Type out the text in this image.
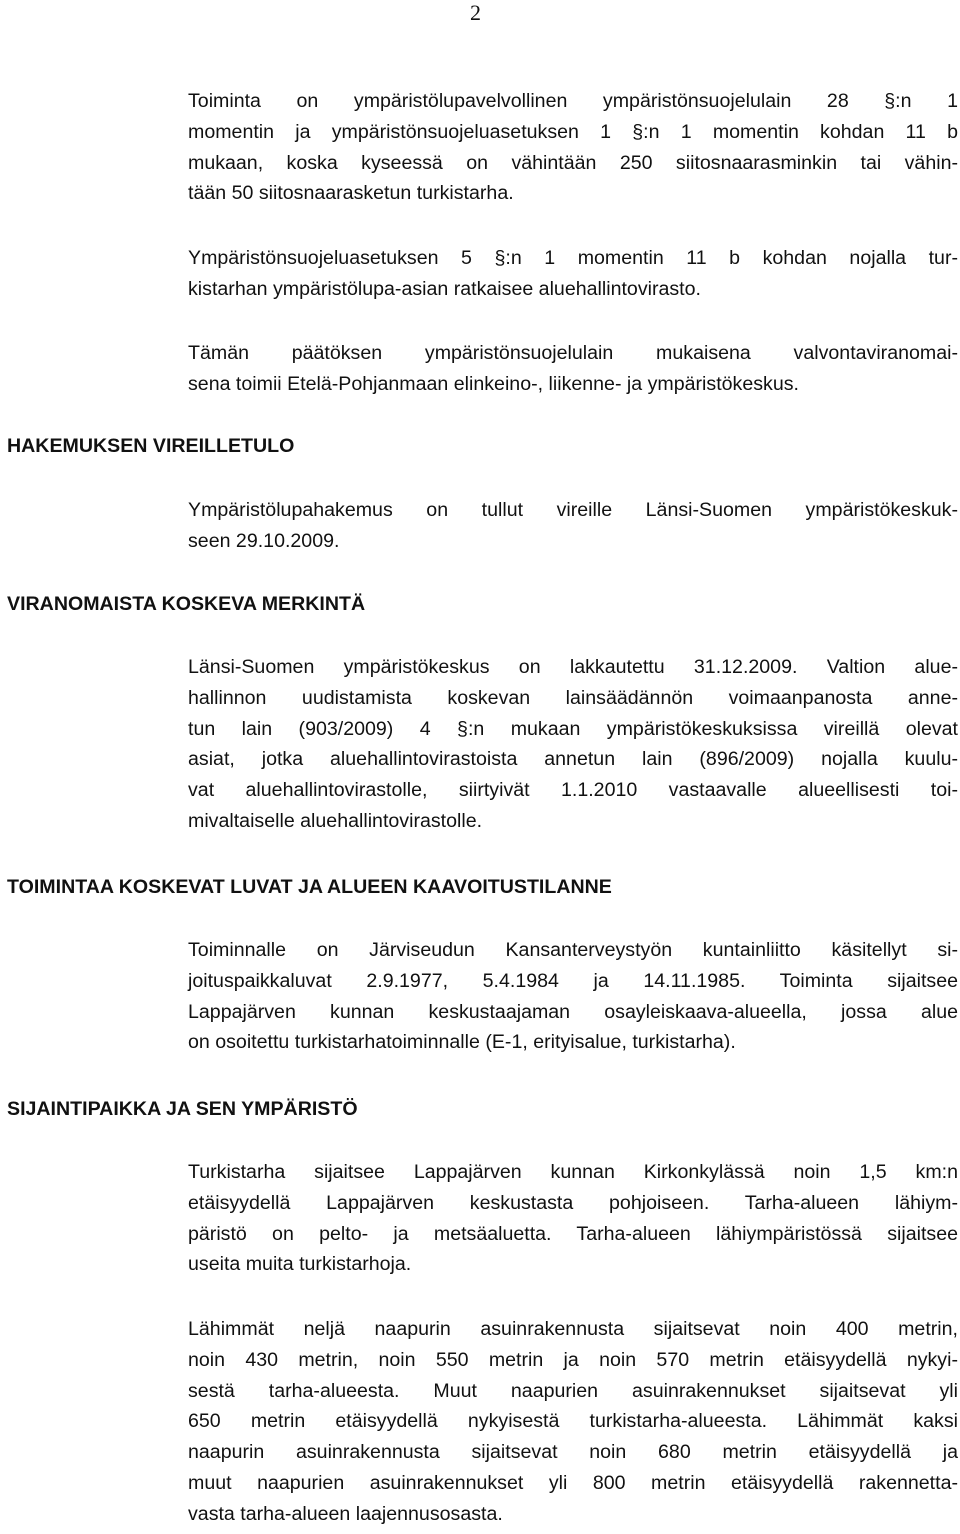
2
Toiminta on ympäristölupavelvollinen ympäristönsuojelulain 28 §:n 1
momentin ja ympäristönsuojeluasetuksen 1 §:n 1 momentin kohdan 11 b
mukaan, koska kyseessä on vähintään 250 siitosnaarasminkin tai vähin-
tään 50 siitosnaarasketun turkistarha.
Ympäristönsuojeluasetuksen 5 §:n 1 momentin 11 b kohdan nojalla tur-
kistarhan ympäristölupa-asian ratkaisee aluehallintovirasto.
Tämän päätöksen ympäristönsuojelulain mukaisena valvontaviranomai-
sena toimii Etelä-Pohjanmaan elinkeino-, liikenne- ja ympäristökeskus.
HAKEMUKSEN VIREILLETULO
Ympäristölupahakemus on tullut vireille Länsi-Suomen ympäristökeskuk-
seen 29.10.2009.
VIRANOMAISTA KOSKEVA MERKINTÄ
Länsi-Suomen ympäristökeskus on lakkautettu 31.12.2009. Valtion alue-
hallinnon uudistamista koskevan lainsäädännön voimaanpanosta anne-
tun lain (903/2009) 4 §:n mukaan ympäristökeskuksissa vireillä olevat
asiat, jotka aluehallintovirastoista annetun lain (896/2009) nojalla kuulu-
vat aluehallintovirastolle, siirtyivät 1.1.2010 vastaavalle alueellisesti toi-
mivaltaiselle aluehallintovirastolle.
TOIMINTAA KOSKEVAT LUVAT JA ALUEEN KAAVOITUSTILANNE
Toiminnalle on Järviseudun Kansanterveystyön kuntainliitto käsitellyt si-
joituspaikkaluvat 2.9.1977, 5.4.1984 ja 14.11.1985. Toiminta sijaitsee
Lappajärven kunnan keskustaajaman osayleiskaava-alueella, jossa alue
on osoitettu turkistarhatoiminnalle (E-1, erityisalue, turkistarha).
SIJAINTIPAIKKA JA SEN YMPÄRISTÖ
Turkistarha sijaitsee Lappajärven kunnan Kirkonkylässä noin 1,5 km:n
etäisyydellä Lappajärven keskustasta pohjoiseen. Tarha-alueen lähiym-
päristö on pelto- ja metsäaluetta. Tarha-alueen lähiympäristössä sijaitsee
useita muita turkistarhoja.
Lähimmät neljä naapurin asuinrakennusta sijaitsevat noin 400 metrin,
noin 430 metrin, noin 550 metrin ja noin 570 metrin etäisyydellä nykyi-
sestä tarha-alueesta. Muut naapurien asuinrakennukset sijaitsevat yli
650 metrin etäisyydellä nykyisestä turkistarha-alueesta. Lähimmät kaksi
naapurin asuinrakennusta sijaitsevat noin 680 metrin etäisyydellä ja
muut naapurien asuinrakennukset yli 800 metrin etäisyydellä rakennetta-
vasta tarha-alueen laajennusosasta.
